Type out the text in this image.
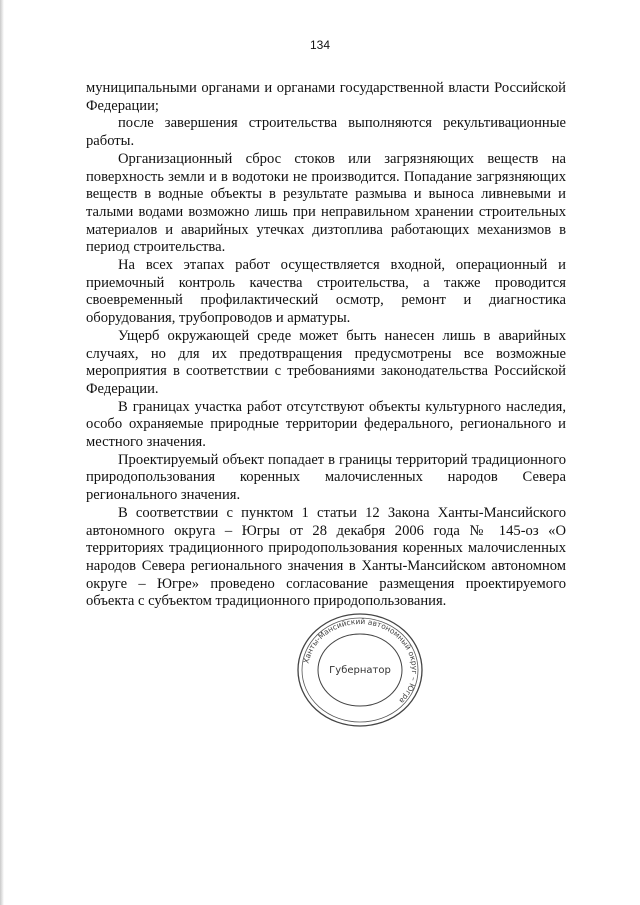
134

муниципальными органами и органами государственной власти Российской Федерации;

после завершения строительства выполняются рекультивационные работы.

Организационный сброс стоков или загрязняющих веществ на поверхность земли и в водотоки не производится. Попадание загрязняющих веществ в водные объекты в результате размыва и выноса ливневыми и талыми водами возможно лишь при неправильном хранении строительных материалов и аварийных утечках дизтоплива работающих механизмов в период строительства.

На всех этапах работ осуществляется входной, операционный и приемочный контроль качества строительства, а также проводится своевременный профилактический осмотр, ремонт и диагностика оборудования, трубопроводов и арматуры.

Ущерб окружающей среде может быть нанесен лишь в аварийных случаях, но для их предотвращения предусмотрены все возможные мероприятия в соответствии с требованиями законодательства Российской Федерации.

В границах участка работ отсутствуют объекты культурного наследия, особо охраняемые природные территории федерального, регионального и местного значения.

Проектируемый объект попадает в границы территорий традиционного природопользования коренных малочисленных народов Севера регионального значения.

В соответствии с пунктом 1 статьи 12 Закона Ханты-Мансийского автономного округа – Югры от 28 декабря 2006 года № 145-оз «О территориях традиционного природопользования коренных малочисленных народов Севера регионального значения в Ханты-Мансийском автономном округе – Югре» проведено согласование размещения проектируемого объекта с субъектом традиционного природопользования.

Ханты-Мансийский автономный округ – Югра
Губернатор
